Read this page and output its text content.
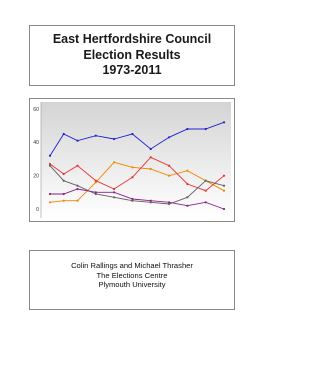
East Hertfordshire Council
Election Results
1973-2011
0
20
40
60
Colin Rallings and Michael Thrasher
The Elections Centre
Plymouth University
